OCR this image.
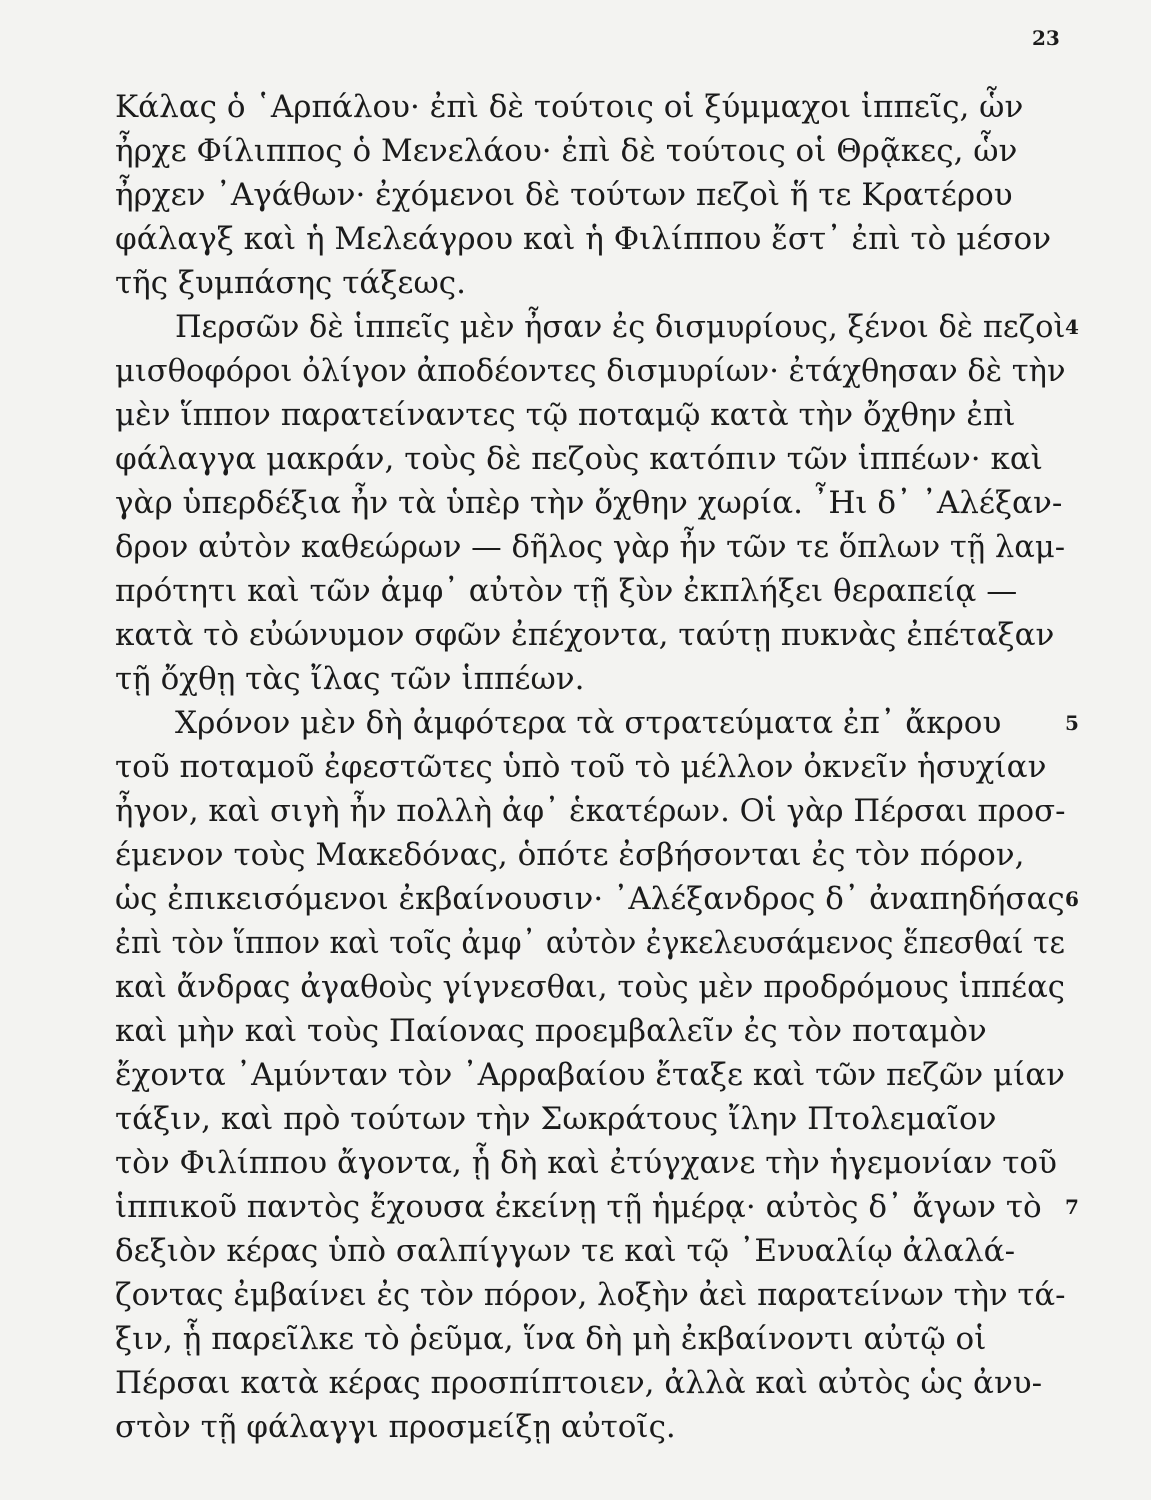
23
Κάλας ὁ ῾Αρπάλου· ἐπὶ δὲ τούτοις οἱ ξύμμαχοι ἱππεῖς, ὧν
ἦρχε Φίλιππος ὁ Μενελάου· ἐπὶ δὲ τούτοις οἱ Θρᾷκες, ὧν
ἦρχεν ᾿Αγάθων· ἐχόμενοι δὲ τούτων πεζοὶ ἥ τε Κρατέρου
φάλαγξ καὶ ἡ Μελεάγρου καὶ ἡ Φιλίππου ἔστ᾿ ἐπὶ τὸ μέσον
τῆς ξυμπάσης τάξεως.
Περσῶν δὲ ἱππεῖς μὲν ἦσαν ἐς δισμυρίους, ξένοι δὲ πεζοὶ
μισθοφόροι ὀλίγον ἀποδέοντες δισμυρίων· ἐτάχθησαν δὲ τὴν
μὲν ἵππον παρατείναντες τῷ ποταμῷ κατὰ τὴν ὄχθην ἐπὶ
φάλαγγα μακράν, τοὺς δὲ πεζοὺς κατόπιν τῶν ἱππέων· καὶ
γὰρ ὑπερδέξια ἦν τὰ ὑπὲρ τὴν ὄχθην χωρία. ῏Ηι δ᾿ ᾿Αλέξαν-
δρον αὐτὸν καθεώρων — δῆλος γὰρ ἦν τῶν τε ὅπλων τῇ λαμ-
πρότητι καὶ τῶν ἀμφ᾿ αὐτὸν τῇ ξὺν ἐκπλήξει θεραπείᾳ —
κατὰ τὸ εὐώνυμον σφῶν ἐπέχοντα, ταύτῃ πυκνὰς ἐπέταξαν
τῇ ὄχθῃ τὰς ἴλας τῶν ἱππέων.
Χρόνον μὲν δὴ ἀμφότερα τὰ στρατεύματα ἐπ᾿ ἄκρου
τοῦ ποταμοῦ ἐφεστῶτες ὑπὸ τοῦ τὸ μέλλον ὀκνεῖν ἡσυχίαν
ἦγον, καὶ σιγὴ ἦν πολλὴ ἀφ᾿ ἑκατέρων. Οἱ γὰρ Πέρσαι προσ-
έμενον τοὺς Μακεδόνας, ὁπότε ἐσβήσονται ἐς τὸν πόρον,
ὡς ἐπικεισόμενοι ἐκβαίνουσιν· ᾿Αλέξανδρος δ᾿ ἀναπηδήσας
ἐπὶ τὸν ἵππον καὶ τοῖς ἀμφ᾿ αὐτὸν ἐγκελευσάμενος ἕπεσθαί τε
καὶ ἄνδρας ἀγαθοὺς γίγνεσθαι, τοὺς μὲν προδρόμους ἱππέας
καὶ μὴν καὶ τοὺς Παίονας προεμβαλεῖν ἐς τὸν ποταμὸν
ἔχοντα ᾿Αμύνταν τὸν ᾿Αρραβαίου ἔταξε καὶ τῶν πεζῶν μίαν
τάξιν, καὶ πρὸ τούτων τὴν Σωκράτους ἴλην Πτολεμαῖον
τὸν Φιλίππου ἄγοντα, ᾗ δὴ καὶ ἐτύγχανε τὴν ἡγεμονίαν τοῦ
ἱππικοῦ παντὸς ἔχουσα ἐκείνῃ τῇ ἡμέρᾳ· αὐτὸς δ᾿ ἄγων τὸ
δεξιὸν κέρας ὑπὸ σαλπίγγων τε καὶ τῷ ᾿Ενυαλίῳ ἀλαλά-
ζοντας ἐμβαίνει ἐς τὸν πόρον, λοξὴν ἀεὶ παρατείνων τὴν τά-
ξιν, ᾗ παρεῖλκε τὸ ῥεῦμα, ἵνα δὴ μὴ ἐκβαίνοντι αὐτῷ οἱ
Πέρσαι κατὰ κέρας προσπίπτοιεν, ἀλλὰ καὶ αὐτὸς ὡς ἀνυ-
στὸν τῇ φάλαγγι προσμείξῃ αὐτοῖς.
4
5
6
7
